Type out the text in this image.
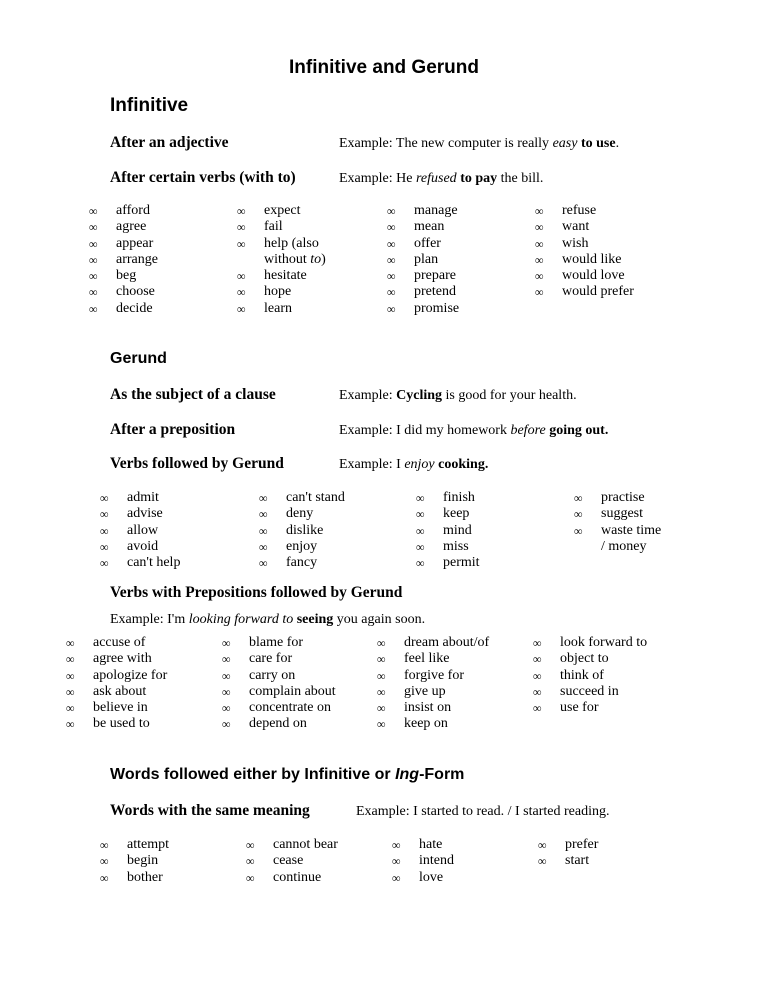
Infinitive and Gerund
Infinitive
After an adjective	Example: The new computer is really easy to use.
After certain verbs (with to)	Example: He refused to pay the bill.
∞ afford
∞ agree
∞ appear
∞ arrange
∞ beg
∞ choose
∞ decide
∞ expect
∞ fail
∞ help (also
without to)
∞ hesitate
∞ hope
∞ learn
∞ manage
∞ mean
∞ offer
∞ plan
∞ prepare
∞ pretend
∞ promise
∞ refuse
∞ want
∞ wish
∞ would like
∞ would love
∞ would prefer
Gerund
As the subject of a clause	Example: Cycling is good for your health.
After a preposition	Example: I did my homework before going out.
Verbs followed by Gerund	Example: I enjoy cooking.
∞ admit
∞ advise
∞ allow
∞ avoid
∞ can't help
∞ can't stand
∞ deny
∞ dislike
∞ enjoy
∞ fancy
∞ finish
∞ keep
∞ mind
∞ miss
∞ permit
∞ practise
∞ suggest
∞ waste time
/ money
Verbs with Prepositions followed by Gerund
Example: I'm looking forward to seeing you again soon.
∞ accuse of
∞ agree with
∞ apologize for
∞ ask about
∞ believe in
∞ be used to
∞ blame for
∞ care for
∞ carry on
∞ complain about
∞ concentrate on
∞ depend on
∞ dream about/of
∞ feel like
∞ forgive for
∞ give up
∞ insist on
∞ keep on
∞ look forward to
∞ object to
∞ think of
∞ succeed in
∞ use for
Words followed either by Infinitive or Ing-Form
Words with the same meaning	Example: I started to read. / I started reading.
∞ attempt
∞ begin
∞ bother
∞ cannot bear
∞ cease
∞ continue
∞ hate
∞ intend
∞ love
∞ prefer
∞ start
